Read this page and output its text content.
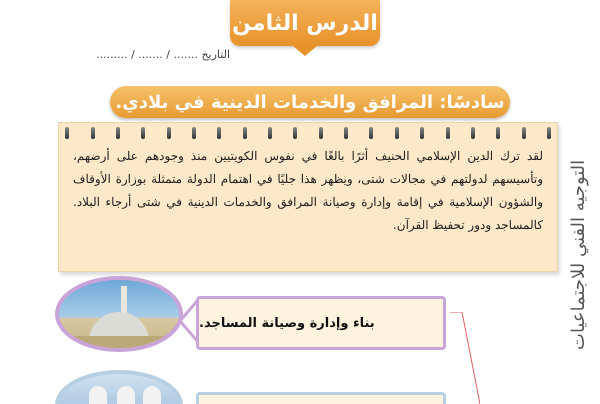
الدرس الثامن
التاريخ ....... / ....... / .........
سادسًا: المرافق والخدمات الدينية في بلادي.

لقد ترك الدين الإسلامي الحنيف أثرًا بالغًا في نفوس الكويتيين منذ وجودهم على أرضهم، وتأسيسهم لدولتهم في مجالات شتى، ويظهر هذا جليًا في اهتمام الدولة متمثلة بوزارة الأوقاف والشؤون الإسلامية في إقامة وإدارة وصيانة المرافق والخدمات الدينية في شتى أرجاء البلاد. كالمساجد ودور تحفيظ القرآن. التوجيه الفني للاجتماعيات
بناء وإدارة وصيانة المساجد.
